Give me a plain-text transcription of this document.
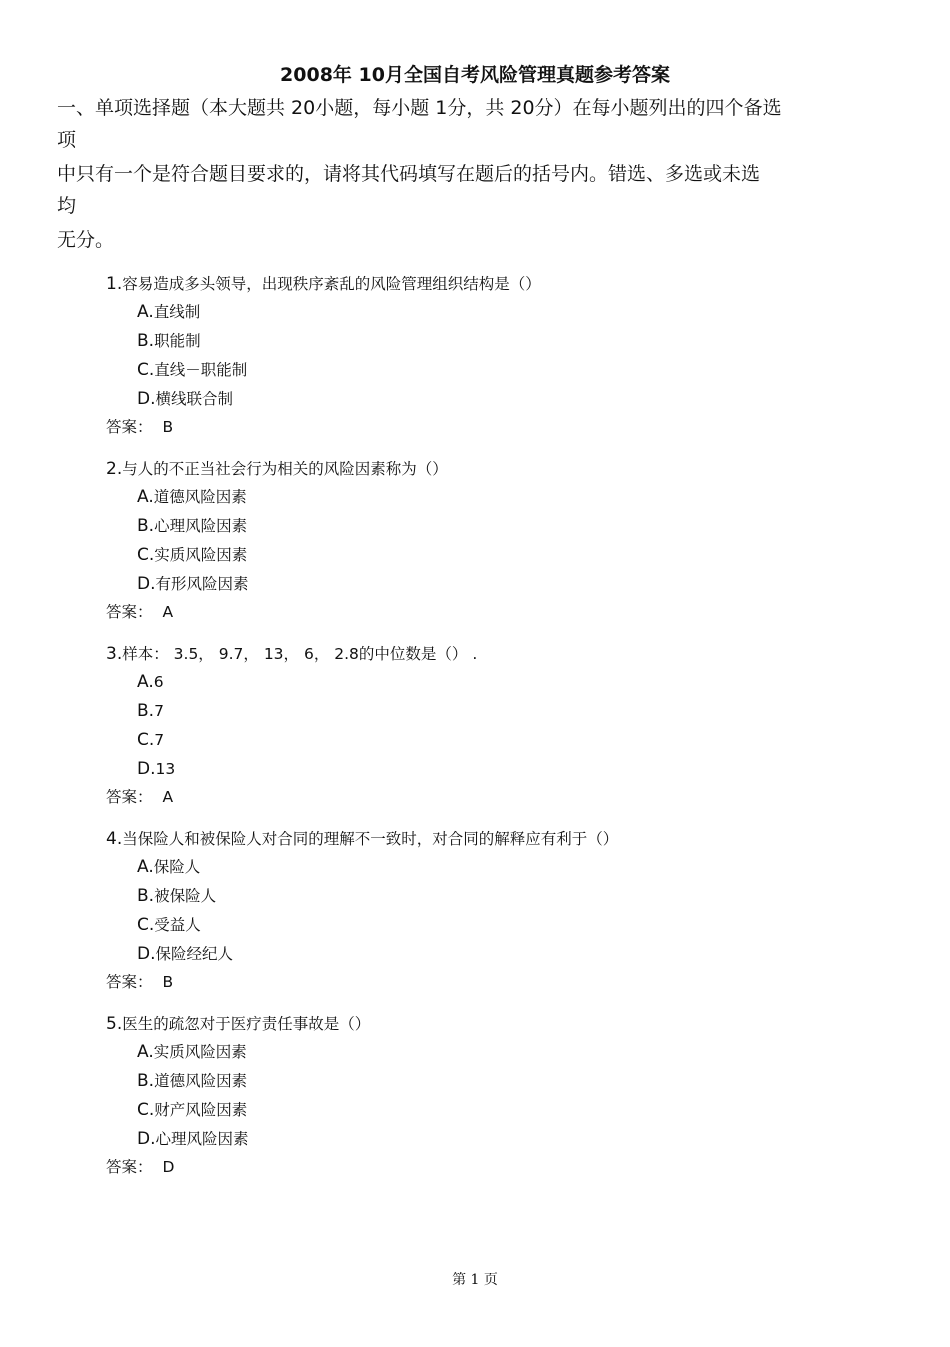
2008年 10月全国自考风险管理真题参考答案
一、单项选择题（本大题共 20小题，每小题 1分，共 20分）在每小题列出的四个备选
项
中只有一个是符合题目要求的，请将其代码填写在题后的括号内。错选、多选或未选
均
无分。
1.容易造成多头领导，出现秩序紊乱的风险管理组织结构是（）
A.直线制
B.职能制
C.直线－职能制
D.横线联合制
答案： B
2.与人的不正当社会行为相关的风险因素称为（）
A.道德风险因素
B.心理风险因素
C.实质风险因素
D.有形风险因素
答案： A
3.样本： 3.5， 9.7， 13， 6， 2.8的中位数是（） .
A.6
B.7
C.7
D.13
答案： A
4.当保险人和被保险人对合同的理解不一致时，对合同的解释应有利于（）
A.保险人
B.被保险人
C.受益人
D.保险经纪人
答案： B
5.医生的疏忽对于医疗责任事故是（）
A.实质风险因素
B.道德风险因素
C.财产风险因素
D.心理风险因素
答案： D
第 1 页
